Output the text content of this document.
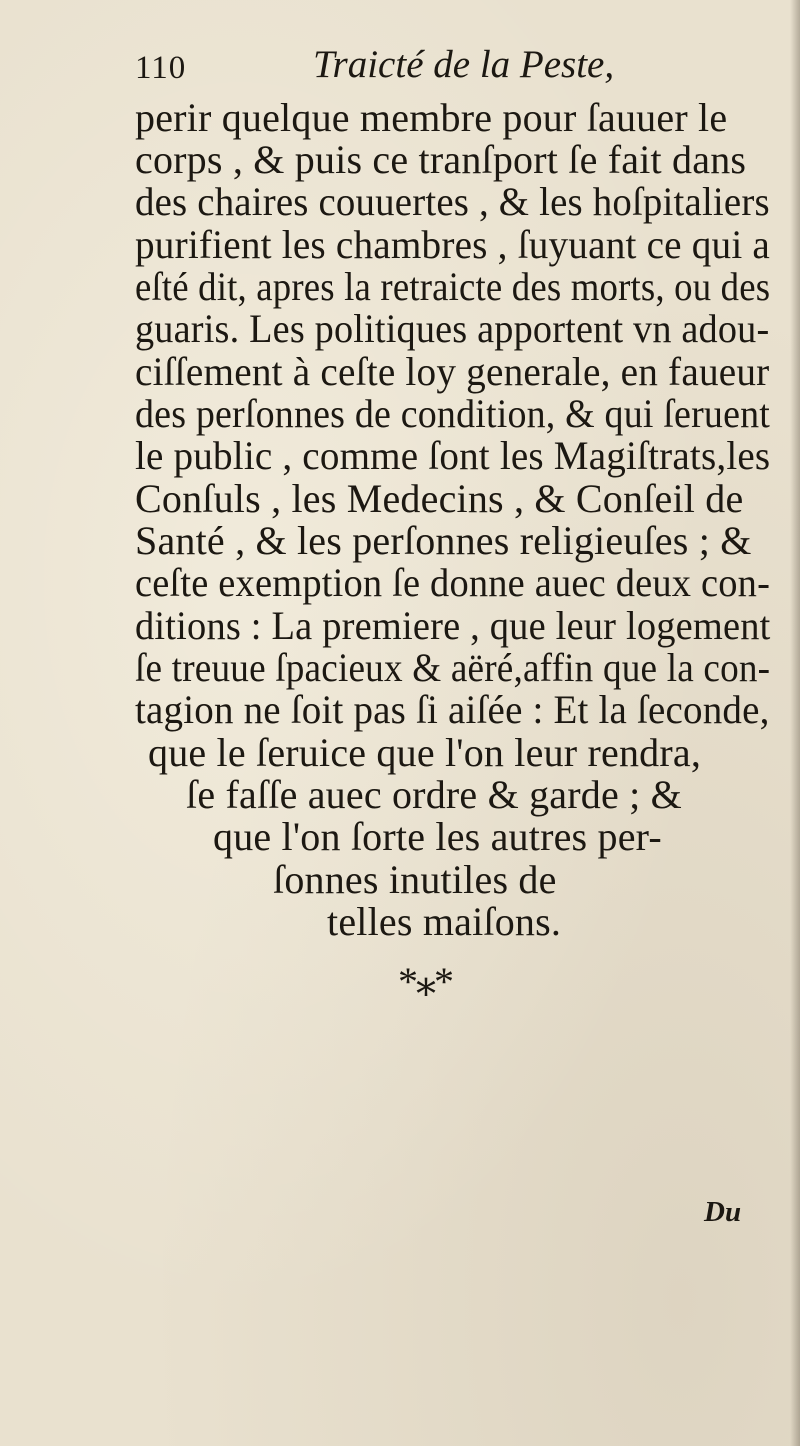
110	Traicté de la Peste,
perir quelque membre pour ſauuer le
corps , & puis ce tranſport ſe fait dans
des chaires couuertes , & les hoſpitaliers
purifient les chambres , ſuyuant ce qui a
eſté dit, apres la retraicte des morts, ou des
guaris. Les politiques apportent vn adou-
ciſſement à ceſte loy generale, en faueur
des perſonnes de condition, & qui ſeruent
le public , comme ſont les Magiſtrats,les
Conſuls , les Medecins , & Conſeil de
Santé , & les perſonnes religieuſes ; &
ceſte exemption ſe donne auec deux con-
ditions : La premiere , que leur logement
ſe treuue ſpacieux & aëré,affin que la con-
tagion ne ſoit pas ſi aiſée : Et la ſeconde,
que le ſeruice que l'on leur rendra,
ſe faſſe auec ordre & garde ; &
que l'on ſorte les autres per-
ſonnes inutiles de
telles maiſons.
*⁎*
Du
